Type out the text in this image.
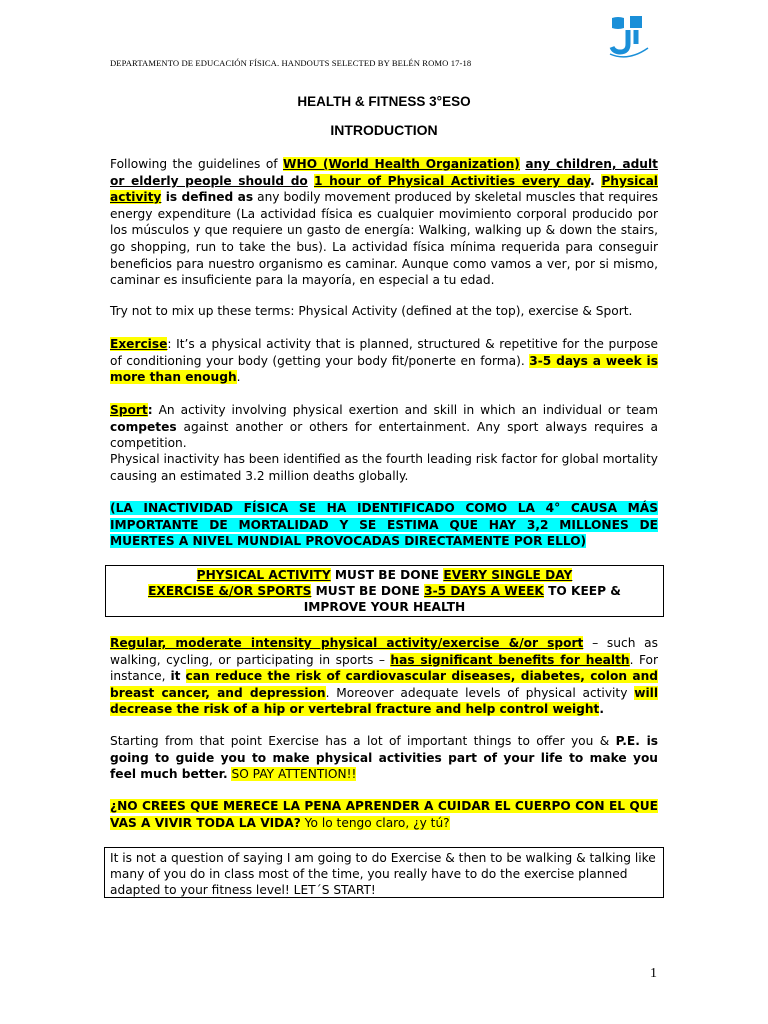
DEPARTAMENTO DE EDUCACIÓN FÍSICA. HANDOUTS SELECTED BY BELÉN ROMO 17-18
HEALTH & FITNESS 3°ESO
INTRODUCTION
Following the guidelines of WHO (World Health Organization) any children, adult or elderly people should do 1 hour of Physical Activities every day. Physical activity is defined as any bodily movement produced by skeletal muscles that requires energy expenditure (La actividad física es cualquier movimiento corporal producido por los músculos y que requiere un gasto de energía: Walking, walking up & down the stairs, go shopping, run to take the bus). La actividad física mínima requerida para conseguir beneficios para nuestro organismo es caminar. Aunque como vamos a ver, por si mismo, caminar es insuficiente para la mayoría, en especial a tu edad.
Try not to mix up these terms: Physical Activity (defined at the top), exercise & Sport.
Exercise: It’s a physical activity that is planned, structured & repetitive for the purpose of conditioning your body (getting your body fit/ponerte en forma). 3-5 days a week is more than enough.
Sport: An activity involving physical exertion and skill in which an individual or team competes against another or others for entertainment. Any sport always requires a competition.
Physical inactivity has been identified as the fourth leading risk factor for global mortality causing an estimated 3.2 million deaths globally.
(LA INACTIVIDAD FÍSICA SE HA IDENTIFICADO COMO LA 4° CAUSA MÁS IMPORTANTE DE MORTALIDAD Y SE ESTIMA QUE HAY 3,2 MILLONES DE MUERTES A NIVEL MUNDIAL PROVOCADAS DIRECTAMENTE POR ELLO)
PHYSICAL ACTIVITY MUST BE DONE EVERY SINGLE DAY
EXERCISE &/OR SPORTS MUST BE DONE 3-5 DAYS A WEEK TO KEEP & IMPROVE YOUR HEALTH
Regular, moderate intensity physical activity/exercise &/or sport – such as walking, cycling, or participating in sports – has significant benefits for health. For instance, it can reduce the risk of cardiovascular diseases, diabetes, colon and breast cancer, and depression. Moreover adequate levels of physical activity will decrease the risk of a hip or vertebral fracture and help control weight.
Starting from that point Exercise has a lot of important things to offer you & P.E. is going to guide you to make physical activities part of your life to make you feel much better. SO PAY ATTENTION!!
¿NO CREES QUE MERECE LA PENA APRENDER A CUIDAR EL CUERPO CON EL QUE VAS A VIVIR TODA LA VIDA? Yo lo tengo claro, ¿y tú?
It is not a question of saying I am going to do Exercise & then to be walking & talking like many of you do in class most of the time, you really have to do the exercise planned adapted to your fitness level! LET´S START!
1
